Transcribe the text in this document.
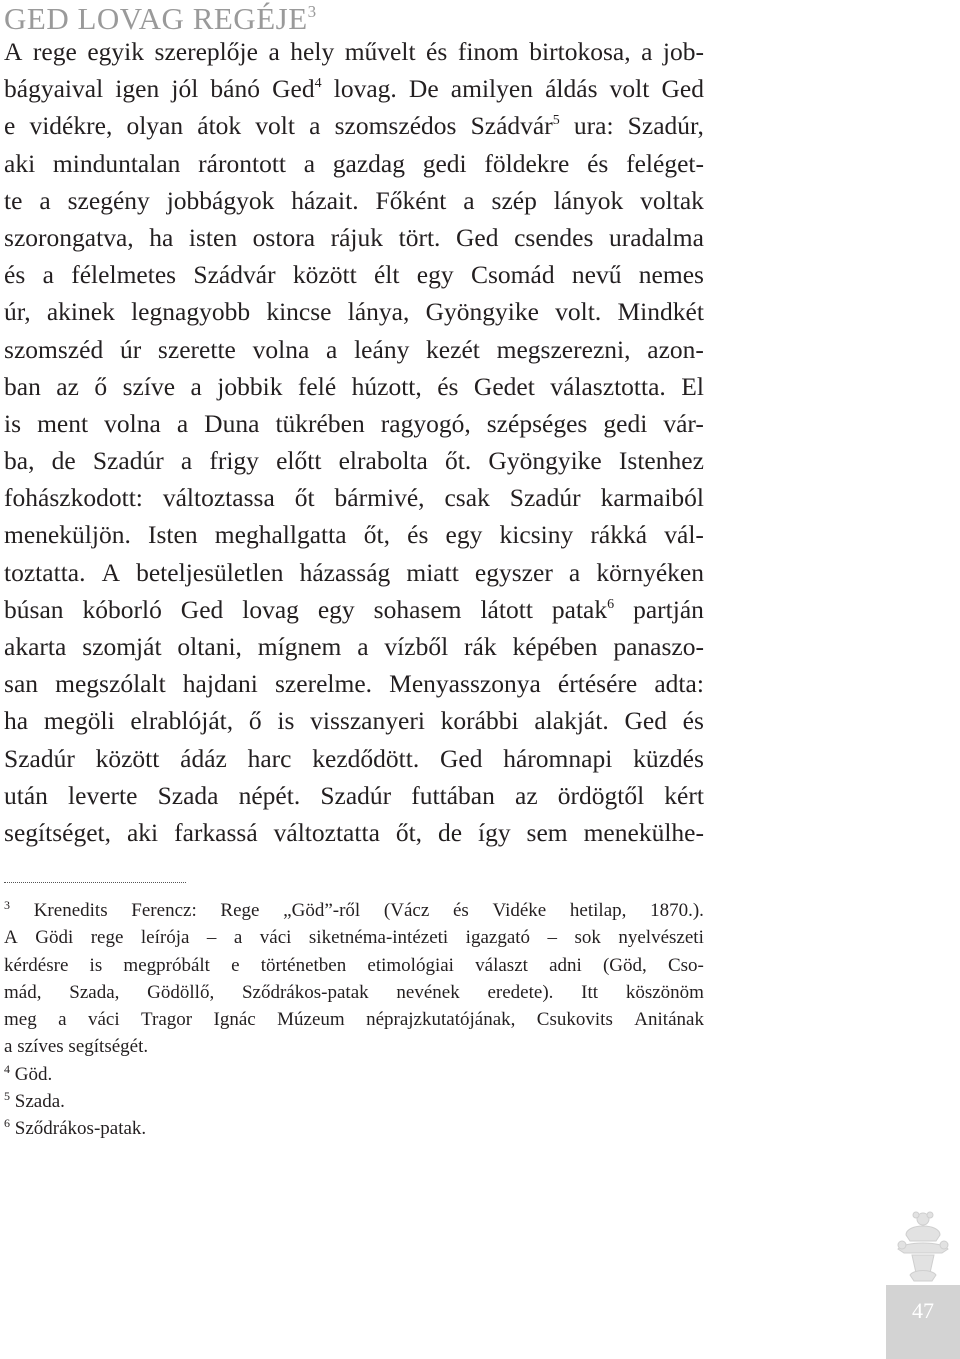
GED LOVAG REGÉJE$^3$
A rege egyik szereplője a hely művelt és finom birtokosa, a job-
bágyaival igen jól bánó Ged$^4$ lovag. De amilyen áldás volt Ged
e vidékre, olyan átok volt a szomszédos Szádvár$^5$ ura: Szadúr,
aki minduntalan rárontott a gazdag gedi földekre és feléget-
te a szegény jobbágyok házait. Főként a szép lányok voltak
szorongatva, ha isten ostora rájuk tört. Ged csendes uradalma
és a félelmetes Szádvár között élt egy Csomád nevű nemes
úr, akinek legnagyobb kincse lánya, Gyöngyike volt. Mindkét
szomszéd úr szerette volna a leány kezét megszerezni, azon-
ban az ő szíve a jobbik felé húzott, és Gedet választotta. El
is ment volna a Duna tükrében ragyogó, szépséges gedi vár-
ba, de Szadúr a frigy előtt elrabolta őt. Gyöngyike Istenhez
fohászkodott: változtassa őt bármivé, csak Szadúr karmaiból
meneküljön. Isten meghallgatta őt, és egy kicsiny rákká vál-
toztatta. A beteljesületlen házasság miatt egyszer a környéken
búsan kóborló Ged lovag egy sohasem látott patak$^6$ partján
akarta szomját oltani, mígnem a vízből rák képében panaszo-
san megszólalt hajdani szerelme. Menyasszonya értésére adta:
ha megöli elrablóját, ő is visszanyeri korábbi alakját. Ged és
Szadúr között ádáz harc kezdődött. Ged háromnapi küzdés
után leverte Szada népét. Szadúr futtában az ördögtől kért
segítséget, aki farkassá változtatta őt, de így sem menekülhe-
$^3$ Krenedits Ferencz: Rege „Göd”-ről (Vácz és Vidéke hetilap, 1870.).
A Gödi rege leírója – a váci siketnéma-intézeti igazgató – sok nyelvészeti
kérdésre is megpróbált e történetben etimológiai választ adni (Göd, Cso-
mád, Szada, Gödöllő, Sződrákos-patak nevének eredete). Itt köszönöm
meg a váci Tragor Ignác Múzeum néprajzkutatójának, Csukovits Anitának
a szíves segítségét.
$^4$ Göd.
$^5$ Szada.
$^6$ Sződrákos-patak.
47
